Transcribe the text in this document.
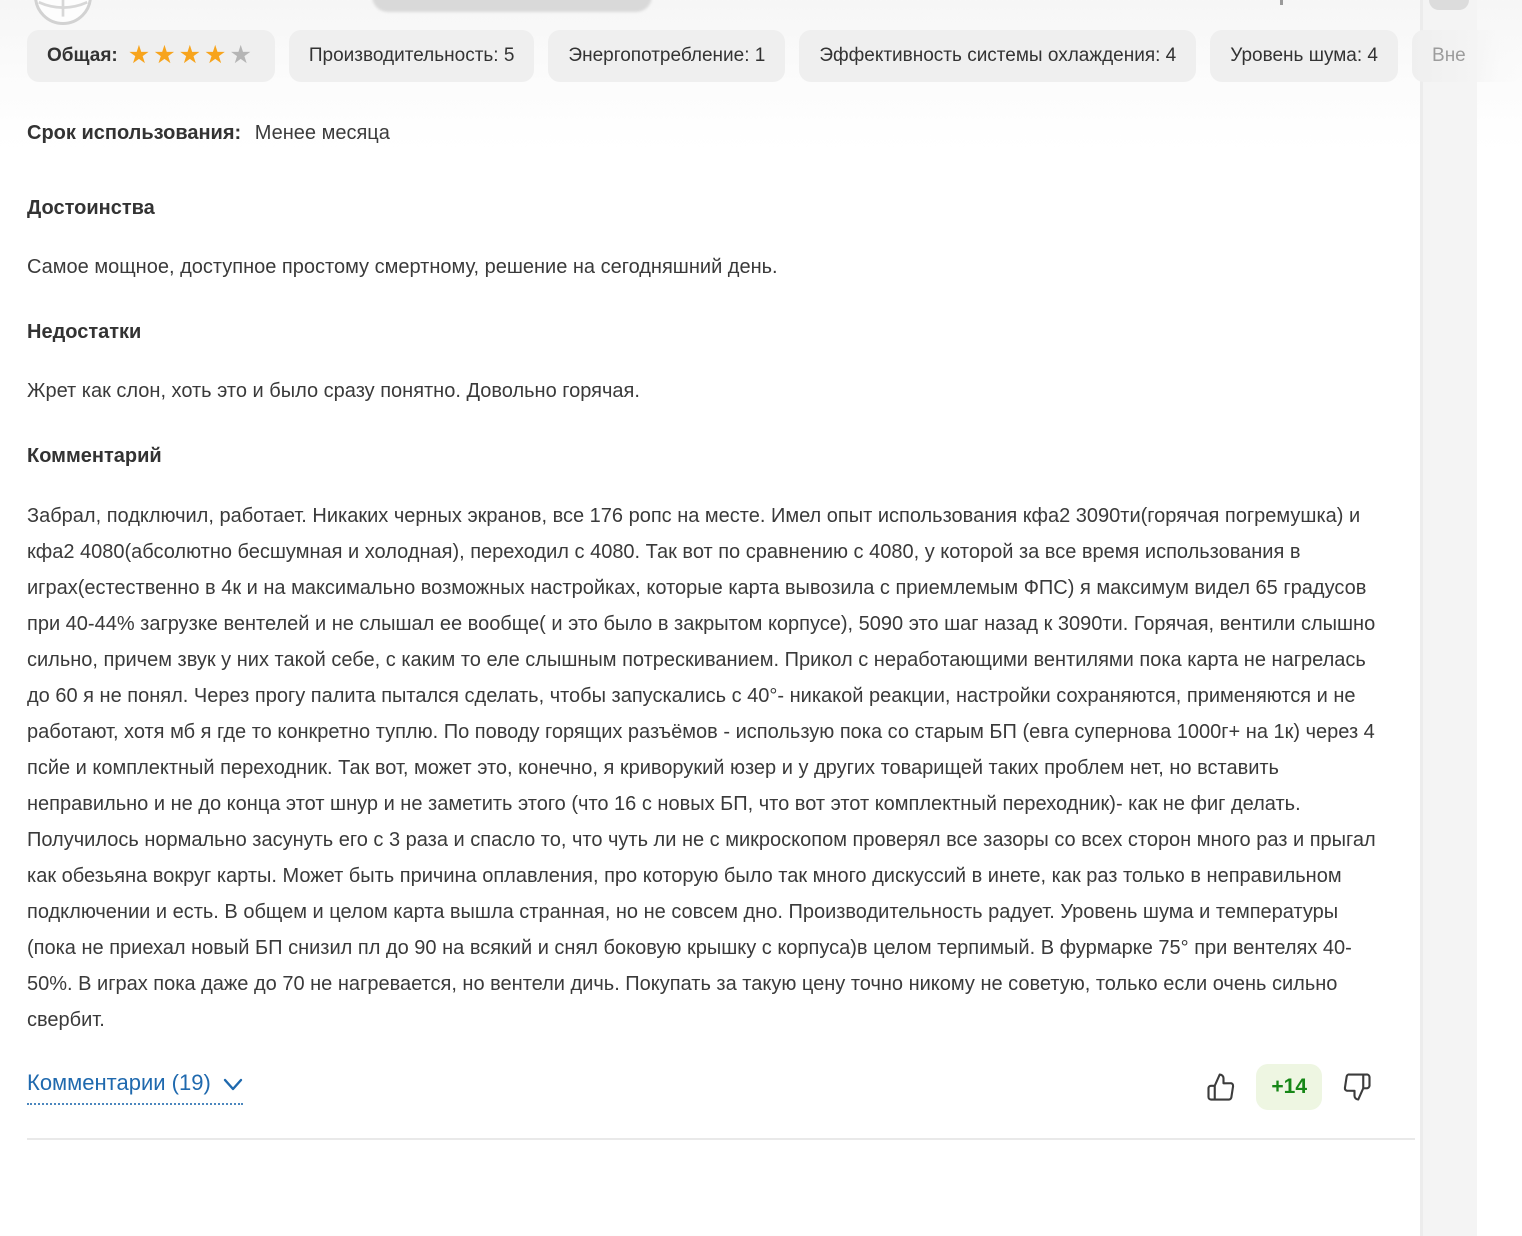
Общая: ★★★★★	Производительность: 5	Энергопотребление: 1	Эффективность системы охлаждения: 4	Уровень шума: 4	Вне
Срок использования: Менее месяца
Достоинства

Самое мощное, доступное простому смертному, решение на сегодняшний день.

Недостатки

Жрет как слон, хоть это и было сразу понятно. Довольно горячая.

Комментарий

Забрал, подключил, работает. Никаких черных экранов, все 176 ропс на месте. Имел опыт использования кфа2 3090ти(горячая погремушка) и кфа2 4080(абсолютно бесшумная и холодная), переходил с 4080. Так вот по сравнению с 4080, у которой за все время использования в играх(естественно в 4к и на максимально возможных настройках, которые карта вывозила с приемлемым ФПС) я максимум видел 65 градусов при 40-44% загрузке вентелей и не слышал ее вообще( и это было в закрытом корпусе), 5090 это шаг назад к 3090ти. Горячая, вентили слышно сильно, причем звук у них такой себе, с каким то еле слышным потрескиванием. Прикол с неработающими вентилями пока карта не нагрелась до 60 я не понял. Через прогу палита пытался сделать, чтобы запускались с 40°- никакой реакции, настройки сохраняются, применяются и не работают, хотя мб я где то конкретно туплю. По поводу горящих разъёмов - использую пока со старым БП (евга супернова 1000г+ на 1к) через 4 псйе и комплектный переходник. Так вот, может это, конечно, я криворукий юзер и у других товарищей таких проблем нет, но вставить неправильно и не до конца этот шнур и не заметить этого (что 16 с новых БП, что вот этот комплектный переходник)- как не фиг делать. Получилось нормально засунуть его с 3 раза и спасло то, что чуть ли не с микроскопом проверял все зазоры со всех сторон много раз и прыгал как обезьяна вокруг карты. Может быть причина оплавления, про которую было так много дискуссий в инете, как раз только в неправильном подключении и есть. В общем и целом карта вышла странная, но не совсем дно. Производительность радует. Уровень шума и температуры (пока не приехал новый БП снизил пл до 90 на всякий и снял боковую крышку с корпуса)в целом терпимый. В фурмарке 75° при вентелях 40-50%. В играх пока даже до 70 не нагревается, но вентели дичь. Покупать за такую цену точно никому не советую, только если очень сильно свербит.

Комментарии (19)	+14
